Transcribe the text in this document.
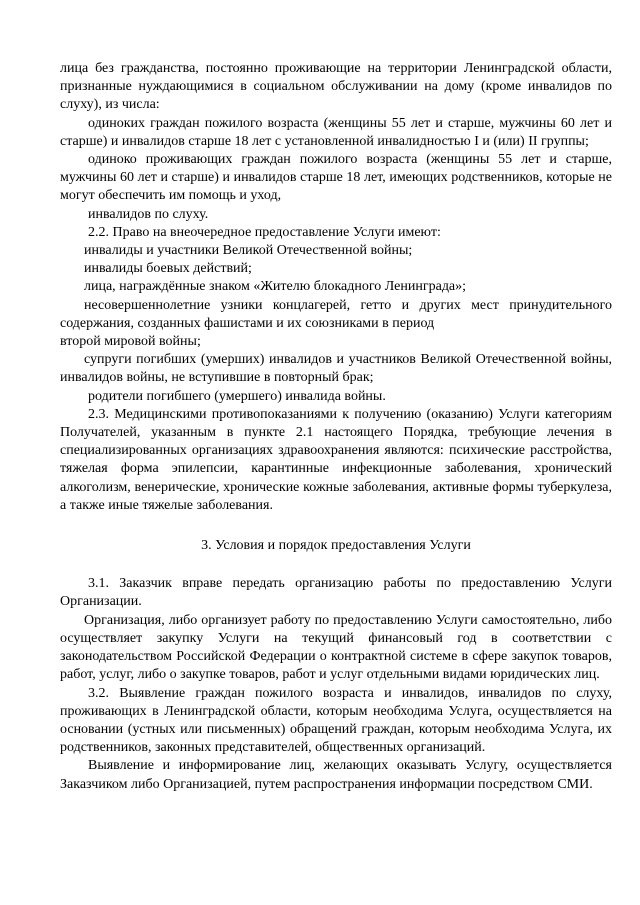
лица без гражданства, постоянно проживающие на территории Ленинградской области, признанные нуждающимися в социальном обслуживании на дому (кроме инвалидов по слуху), из числа:

одиноких граждан пожилого возраста (женщины 55 лет и старше, мужчины 60 лет и старше) и инвалидов старше 18 лет с установленной инвалидностью I и (или) II группы;

одиноко проживающих граждан пожилого возраста (женщины 55 лет и старше, мужчины 60 лет и старше) и инвалидов старше 18 лет, имеющих родственников, которые не могут обеспечить им помощь и уход,

инвалидов по слуху.

2.2. Право на внеочередное предоставление Услуги имеют:

инвалиды и участники Великой Отечественной войны;

инвалиды боевых действий;

лица, награждённые знаком «Жителю блокадного Ленинграда»;

несовершеннолетние узники концлагерей, гетто и других мест принудительного содержания, созданных фашистами и их союзниками в период

второй мировой войны;

супруги погибших (умерших) инвалидов и участников Великой Отечественной войны, инвалидов войны, не вступившие в повторный брак;

родители погибшего (умершего) инвалида войны.

2.3. Медицинскими противопоказаниями к получению (оказанию) Услуги категориям Получателей, указанным в пункте 2.1 настоящего Порядка, требующие лечения в специализированных организациях здравоохранения являются: психические расстройства, тяжелая форма эпилепсии, карантинные инфекционные заболевания, хронический алкоголизм, венерические, хронические кожные заболевания, активные формы туберкулеза, а также иные тяжелые заболевания.

3. Условия и порядок предоставления Услуги

3.1. Заказчик вправе передать организацию работы по предоставлению Услуги Организации.

Организация, либо организует работу по предоставлению Услуги самостоятельно, либо осуществляет закупку Услуги на текущий финансовый год в соответствии с законодательством Российской Федерации о контрактной системе в сфере закупок товаров, работ, услуг, либо о закупке товаров, работ и услуг отдельными видами юридических лиц.

3.2. Выявление граждан пожилого возраста и инвалидов, инвалидов по слуху, проживающих в Ленинградской области, которым необходима Услуга, осуществляется на основании (устных или письменных) обращений граждан, которым необходима Услуга, их родственников, законных представителей, общественных организаций.

Выявление и информирование лиц, желающих оказывать Услугу, осуществляется Заказчиком либо Организацией, путем распространения информации посредством СМИ.
